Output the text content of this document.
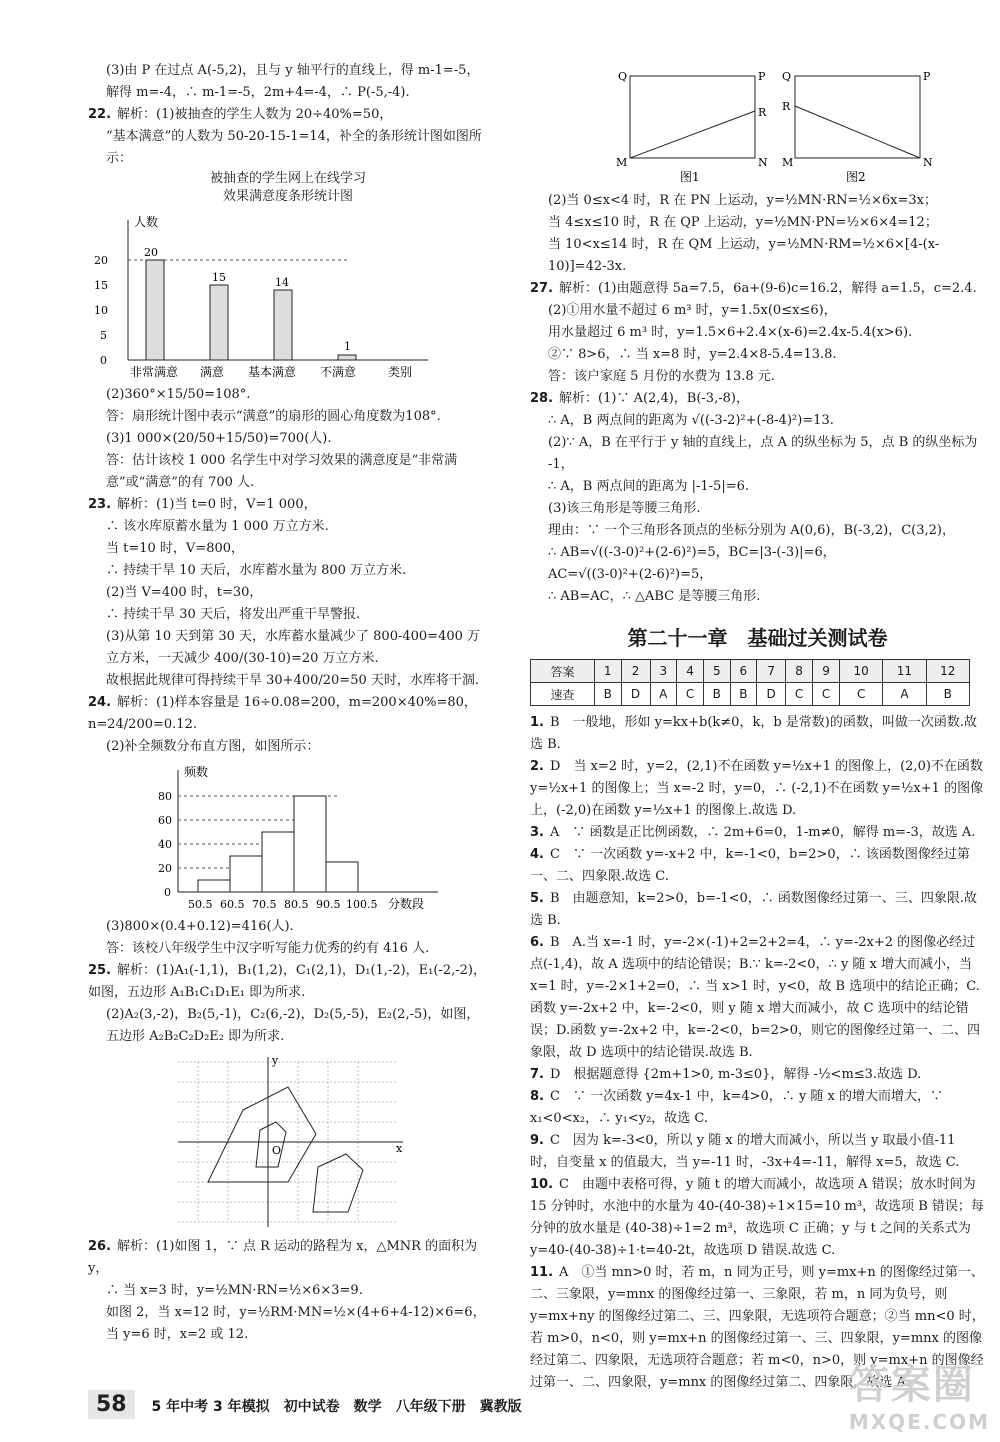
(3)由 P 在过点 A(-5,2)，且与 y 轴平行的直线上，得 m-1=-5，

解得 m=-4，∴ m-1=-5，2m+4=-4，∴ P(-5,-4).

22. 解析：(1)被抽查的学生人数为 20÷40%=50，

“基本满意”的人数为 50-20-15-1=14，补全的条形统计图如图所示：

被抽查的学生网上在线学习
效果满意度条形统计图
人数
0
5
10
15
20
20
15	14
1
非常满意 满意 基本满意 不满意	类别

(2)360°×15/50=108°.

答：扇形统计图中表示“满意”的扇形的圆心角度数为108°.

(3)1 000×(20/50+15/50)=700(人).

答：估计该校 1 000 名学生中对学习效果的满意度是“非常满意”或“满意”的有 700 人.

23. 解析：(1)当 t=0 时，V=1 000，

∴ 该水库原蓄水量为 1 000 万立方米.

当 t=10 时，V=800，

∴ 持续干旱 10 天后，水库蓄水量为 800 万立方米.

(2)当 V=400 时，t=30，

∴ 持续干旱 30 天后，将发出严重干旱警报.

(3)从第 10 天到第 30 天，水库蓄水量减少了 800-400=400 万立方米，一天减少 400/(30-10)=20 万立方米.

故根据此规律可得持续干旱 30+400/20=50 天时，水库将干涸.

24. 解析：(1)样本容量是 16÷0.08=200，m=200×40%=80，n=24/200=0.12.

(2)补全频数分布直方图，如图所示：

频数
0
20
40
60
80
50.5 60.5 70.5 80.5 90.5 100.5 分数段

(3)800×(0.4+0.12)=416(人).

答：该校八年级学生中汉字听写能力优秀的约有 416 人.

25. 解析：(1)A₁(-1,1)，B₁(1,2)，C₁(2,1)，D₁(1,-2)，E₁(-2,-2)，如图，五边形 A₁B₁C₁D₁E₁ 即为所求.

(2)A₂(3,-2)，B₂(5,-1)，C₂(6,-2)，D₂(5,-5)，E₂(2,-5)，如图，五边形 A₂B₂C₂D₂E₂ 即为所求.

O	x
y

26. 解析：(1)如图 1，∵ 点 R 运动的路程为 x，△MNR 的面积为 y，

∴ 当 x=3 时，y=½MN·RN=½×6×3=9.

如图 2，当 x=12 时，y=½RM·MN=½×(4+6+4-12)×6=6，

当 y=6 时，x=2 或 12.

Q	P
R
M	N
图1
Q	P
R
M	N
图2

(2)当 0≤x<4 时，R 在 PN 上运动，y=½MN·RN=½×6x=3x；

当 4≤x≤10 时，R 在 QP 上运动，y=½MN·PN=½×6×4=12；

当 10<x≤14 时，R 在 QM 上运动，y=½MN·RM=½×6×[4-(x-10)]=42-3x.

27. 解析：(1)由题意得 5a=7.5，6a+(9-6)c=16.2，解得 a=1.5，c=2.4.

(2)①用水量不超过 6 m³ 时，y=1.5x(0≤x≤6)，

用水量超过 6 m³ 时，y=1.5×6+2.4×(x-6)=2.4x-5.4(x>6).

②∵ 8>6，∴ 当 x=8 时，y=2.4×8-5.4=13.8.

答：该户家庭 5 月份的水费为 13.8 元.

28. 解析：(1)∵ A(2,4)，B(-3,-8)，

∴ A，B 两点间的距离为 √((-3-2)²+(-8-4)²)=13.

(2)∵ A，B 在平行于 y 轴的直线上，点 A 的纵坐标为 5，点 B 的纵坐标为 -1，

∴ A，B 两点间的距离为 |-1-5|=6.

(3)该三角形是等腰三角形.

理由：∵ 一个三角形各顶点的坐标分别为 A(0,6)，B(-3,2)，C(3,2)，

∴ AB=√((-3-0)²+(2-6)²)=5，BC=|3-(-3)|=6，

AC=√((3-0)²+(2-6)²)=5，

∴ AB=AC，∴ △ABC 是等腰三角形.

第二十一章　基础过关测试卷
答案	1	2	3	4	5	6	7	8	9	10	11	12
速查	B	D	A	C	B	B	D	C	C	C	A	B

1. B　一般地，形如 y=kx+b(k≠0，k，b 是常数)的函数，叫做一次函数.故选 B.

2. D　当 x=2 时，y=2，(2,1)不在函数 y=½x+1 的图像上，(2,0)不在函数 y=½x+1 的图像上；当 x=-2 时，y=0，∴ (-2,1)不在函数 y=½x+1 的图像上，(-2,0)在函数 y=½x+1 的图像上.故选 D.

3. A　∵ 函数是正比例函数，∴ 2m+6=0，1-m≠0，解得 m=-3，故选 A.

4. C　∵ 一次函数 y=-x+2 中，k=-1<0，b=2>0，∴ 该函数图像经过第一、二、四象限.故选 C.

5. B　由题意知，k=2>0，b=-1<0，∴ 函数图像经过第一、三、四象限.故选 B.

6. B　A.当 x=-1 时，y=-2×(-1)+2=2+2=4，∴ y=-2x+2 的图像必经过点(-1,4)，故 A 选项中的结论错误；B.∵ k=-2<0，∴ y 随 x 增大而减小，当 x=1 时，y=-2×1+2=0，∴ 当 x>1 时，y<0，故 B 选项中的结论正确；C.函数 y=-2x+2 中，k=-2<0，则 y 随 x 增大而减小，故 C 选项中的结论错误；D.函数 y=-2x+2 中，k=-2<0，b=2>0，则它的图像经过第一、二、四象限，故 D 选项中的结论错误.故选 B.

7. D　根据题意得 {2m+1>0, m-3≤0}，解得 -½<m≤3.故选 D.

8. C　∵ 一次函数 y=4x-1 中，k=4>0，∴ y 随 x 的增大而增大，∵ x₁<0<x₂，∴ y₁<y₂，故选 C.

9. C　因为 k=-3<0，所以 y 随 x 的增大而减小，所以当 y 取最小值-11 时，自变量 x 的值最大，当 y=-11 时，-3x+4=-11，解得 x=5，故选 C.

10. C　由题中表格可得，y 随 t 的增大而减小，故选项 A 错误；放水时间为 15 分钟时，水池中的水量为 40-(40-38)÷1×15=10 m³，故选项 B 错误；每分钟的放水量是 (40-38)÷1=2 m³，故选项 C 正确；y 与 t 之间的关系式为 y=40-(40-38)÷1·t=40-2t，故选项 D 错误.故选 C.

11. A　①当 mn>0 时，若 m，n 同为正号，则 y=mx+n 的图像经过第一、二、三象限，y=mnx 的图像经过第一、三象限，若 m，n 同为负号，则 y=mx+ny 的图像经过第二、三、四象限，无选项符合题意；②当 mn<0 时，若 m>0，n<0，则 y=mx+n 的图像经过第一、三、四象限，y=mnx 的图像经过第二、四象限，无选项符合题意；若 m<0，n>0，则 y=mx+n 的图像经过第一、二、四象限，y=mnx 的图像经过第二、四象限，故选 A.

58 5 年中考 3 年模拟　初中试卷　数学　八年级下册　冀教版	答案圈
MXQE.COM
